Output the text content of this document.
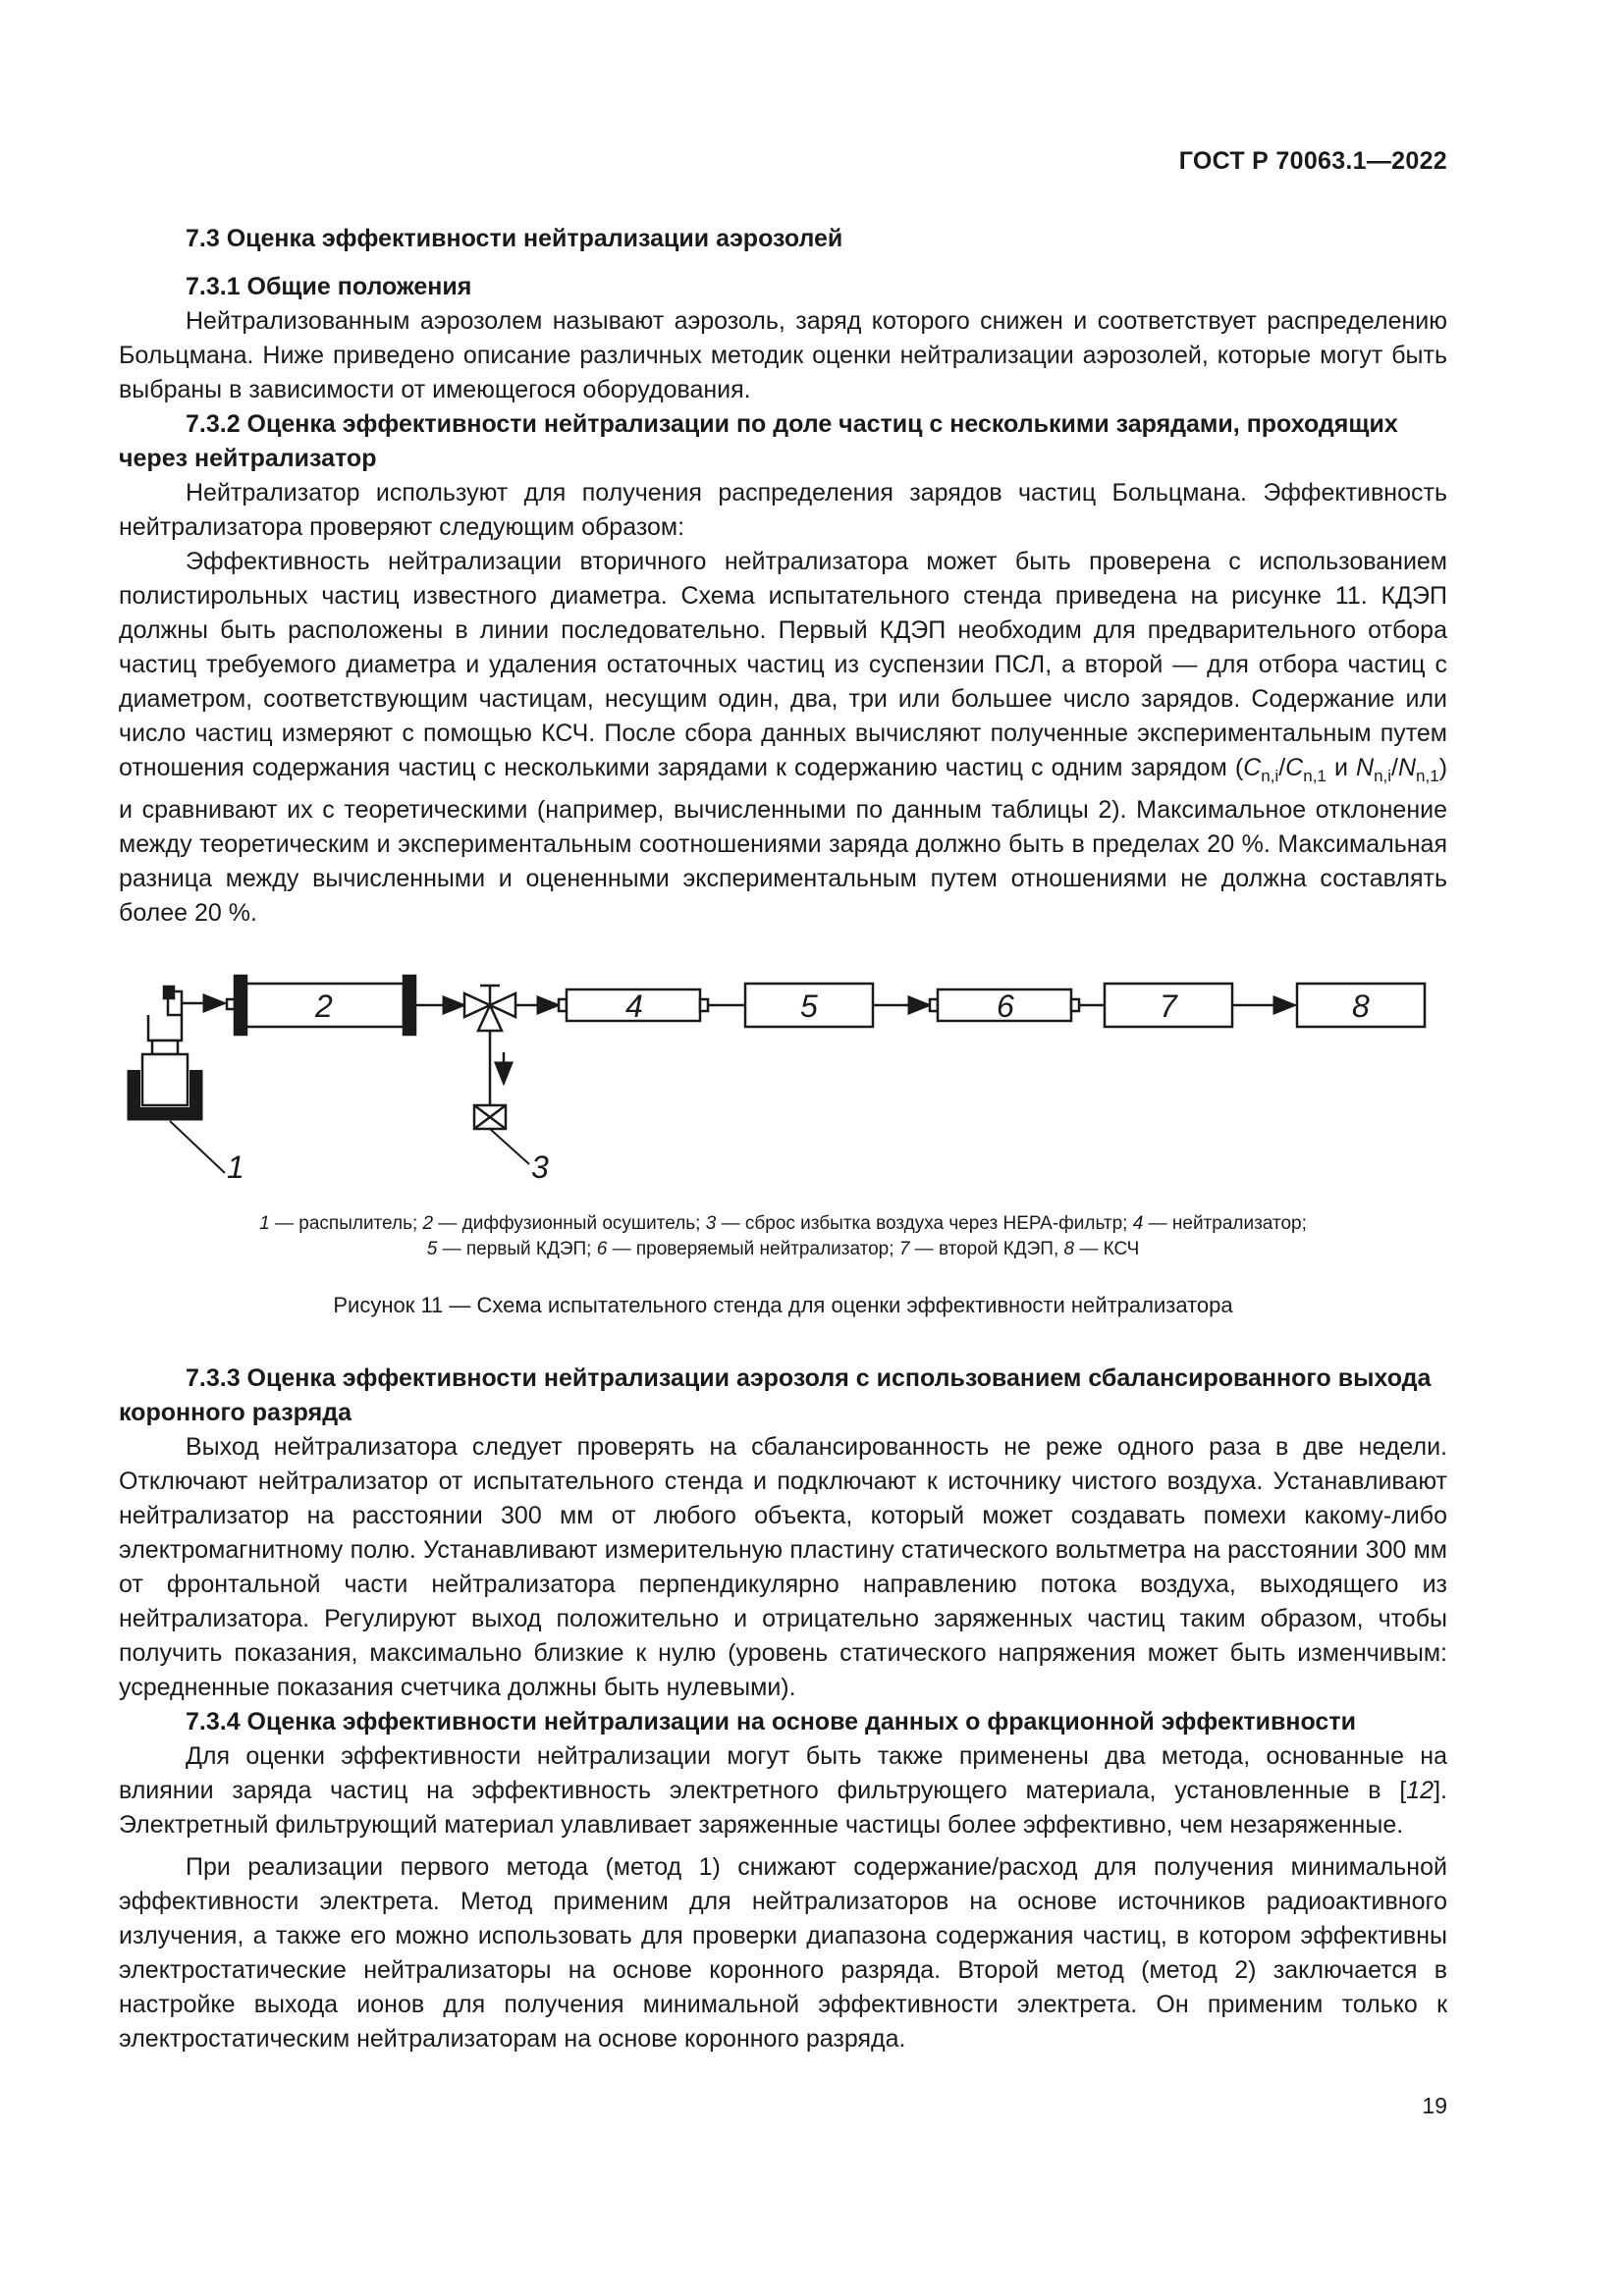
ГОСТ Р 70063.1—2022

7.3 Оценка эффективности нейтрализации аэрозолей

7.3.1 Общие положения

Нейтрализованным аэрозолем называют аэрозоль, заряд которого снижен и соответствует распределению Больцмана. Ниже приведено описание различных методик оценки нейтрализации аэрозолей, которые могут быть выбраны в зависимости от имеющегося оборудования.

7.3.2 Оценка эффективности нейтрализации по доле частиц с несколькими зарядами, проходящих через нейтрализатор

Нейтрализатор используют для получения распределения зарядов частиц Больцмана. Эффективность нейтрализатора проверяют следующим образом:

Эффективность нейтрализации вторичного нейтрализатора может быть проверена с использованием полистирольных частиц известного диаметра. Схема испытательного стенда приведена на рисунке 11. КДЭП должны быть расположены в линии последовательно. Первый КДЭП необходим для предварительного отбора частиц требуемого диаметра и удаления остаточных частиц из суспензии ПСЛ, а второй — для отбора частиц с диаметром, соответствующим частицам, несущим один, два, три или большее число зарядов. Содержание или число частиц измеряют с помощью КСЧ. После сбора данных вычисляют полученные экспериментальным путем отношения содержания частиц с несколькими зарядами к содержанию частиц с одним зарядом ($C_{n,i}/C_{n,1}$ и $N_{n,i}/N_{n,1}$) и сравнивают их с теоретическими (например, вычисленными по данным таблицы 2). Максимальное отклонение между теоретическим и экспериментальным соотношениями заряда должно быть в пределах 20 %. Максимальная разница между вычисленными и оцененными экспериментальным путем отношениями не должна составлять более 20 %.

1
2
3
4	5	6	7	8
1 — распылитель; 2 — диффузионный осушитель; 3 — сброс избытка воздуха через HEPA-фильтр; 4 — нейтрализатор;
5 — первый КДЭП; 6 — проверяемый нейтрализатор; 7 — второй КДЭП, 8 — КСЧ
Рисунок 11 — Схема испытательного стенда для оценки эффективности нейтрализатора

7.3.3 Оценка эффективности нейтрализации аэрозоля с использованием сбалансированного выхода коронного разряда

Выход нейтрализатора следует проверять на сбалансированность не реже одного раза в две недели. Отключают нейтрализатор от испытательного стенда и подключают к источнику чистого воздуха. Устанавливают нейтрализатор на расстоянии 300 мм от любого объекта, который может создавать помехи какому-либо электромагнитному полю. Устанавливают измерительную пластину статического вольтметра на расстоянии 300 мм от фронтальной части нейтрализатора перпендикулярно направлению потока воздуха, выходящего из нейтрализатора. Регулируют выход положительно и отрицательно заряженных частиц таким образом, чтобы получить показания, максимально близкие к нулю (уровень статического напряжения может быть изменчивым: усредненные показания счетчика должны быть нулевыми).

7.3.4 Оценка эффективности нейтрализации на основе данных о фракционной эффективности

Для оценки эффективности нейтрализации могут быть также применены два метода, основанные на влиянии заряда частиц на эффективность электретного фильтрующего материала, установленные в [12]. Электретный фильтрующий материал улавливает заряженные частицы более эффективно, чем незаряженные.

При реализации первого метода (метод 1) снижают содержание/расход для получения минимальной эффективности электрета. Метод применим для нейтрализаторов на основе источников радиоактивного излучения, а также его можно использовать для проверки диапазона содержания частиц, в котором эффективны электростатические нейтрализаторы на основе коронного разряда. Второй метод (метод 2) заключается в настройке выхода ионов для получения минимальной эффективности электрета. Он применим только к электростатическим нейтрализаторам на основе коронного разряда.

19
